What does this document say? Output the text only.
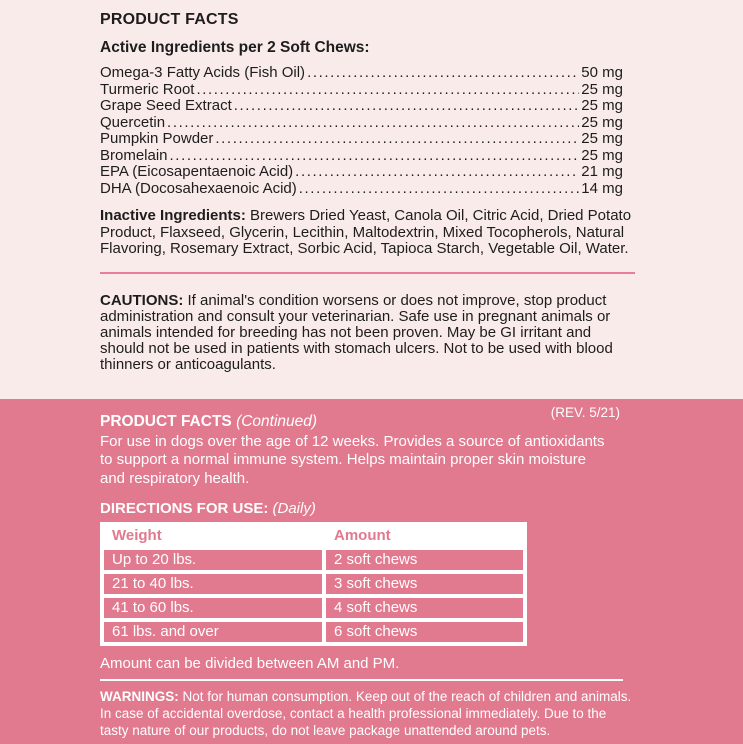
PRODUCT FACTS
Active Ingredients per 2 Soft Chews:
Omega-3 Fatty Acids (Fish Oil) .....	50 mg
Turmeric Root .....	25 mg
Grape Seed Extract .....	25 mg
Quercetin .....	25 mg
Pumpkin Powder .....	25 mg
Bromelain .....	25 mg
EPA (Eicosapentaenoic Acid) .....	21 mg
DHA (Docosahexaenoic Acid) .....	14 mg

Inactive Ingredients: Brewers Dried Yeast, Canola Oil, Citric Acid, Dried Potato Product, Flaxseed, Glycerin, Lecithin, Maltodextrin, Mixed Tocopherols, Natural Flavoring, Rosemary Extract, Sorbic Acid, Tapioca Starch, Vegetable Oil, Water.

CAUTIONS: If animal's condition worsens or does not improve, stop product administration and consult your veterinarian. Safe use in pregnant animals or animals intended for breeding has not been proven. May be GI irritant and should not be used in patients with stomach ulcers. Not to be used with blood thinners or anticoagulants.

(REV. 5/21)
PRODUCT FACTS (Continued)

For use in dogs over the age of 12 weeks. Provides a source of antioxidants to support a normal immune system. Helps maintain proper skin moisture and respiratory health.

DIRECTIONS FOR USE: (Daily)
Weight	Amount
Up to 20 lbs.	2 soft chews
21 to 40 lbs.	3 soft chews
41 to 60 lbs.	4 soft chews
61 lbs. and over	6 soft chews

Amount can be divided between AM and PM.

WARNINGS: Not for human consumption. Keep out of the reach of children and animals. In case of accidental overdose, contact a health professional immediately. Due to the tasty nature of our products, do not leave package unattended around pets.
